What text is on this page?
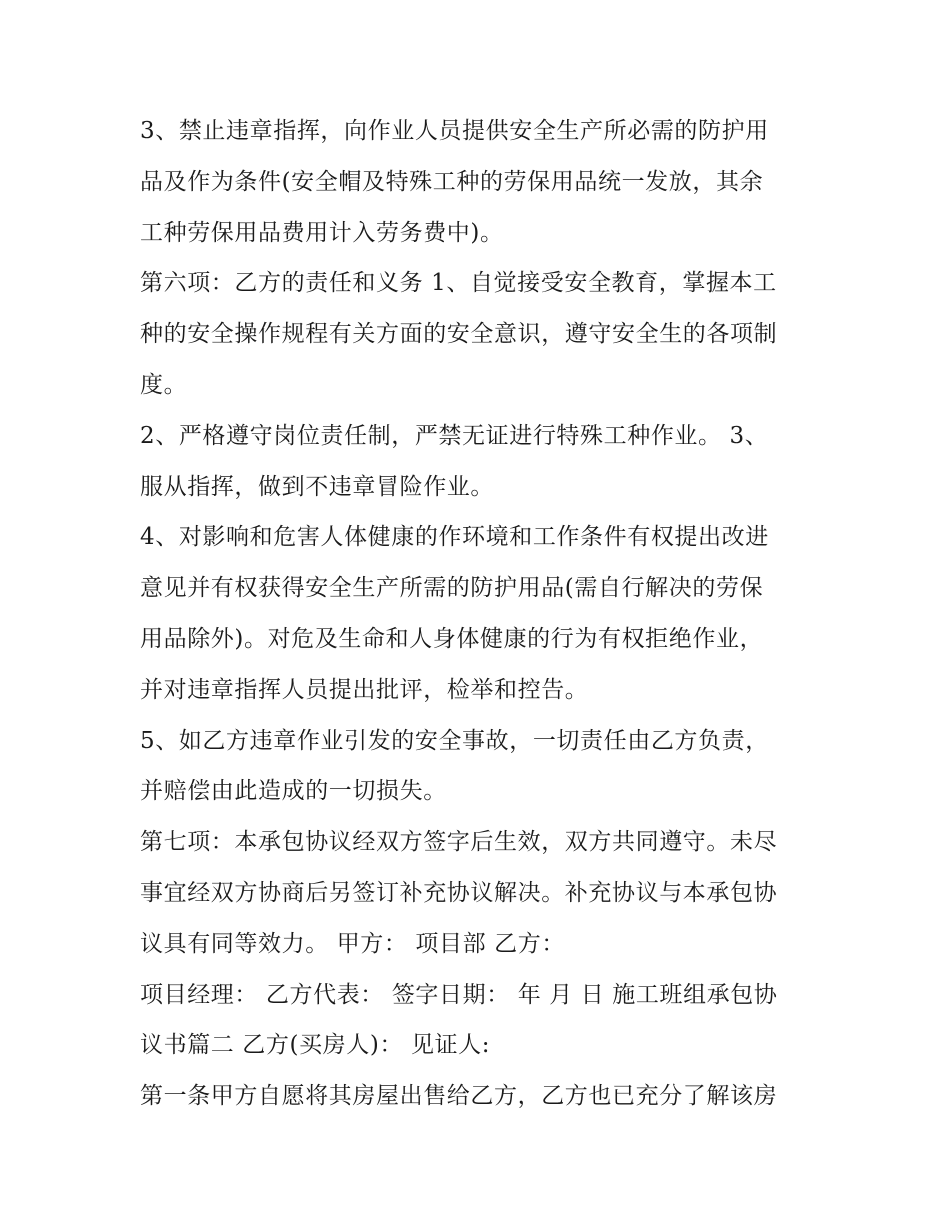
3、禁止违章指挥，向作业人员提供安全生产所必需的防护用
品及作为条件(安全帽及特殊工种的劳保用品统一发放，其余
工种劳保用品费用计入劳务费中)。

第六项：乙方的责任和义务 1、自觉接受安全教育，掌握本工
种的安全操作规程有关方面的安全意识，遵守安全生的各项制
度。

2、严格遵守岗位责任制，严禁无证进行特殊工种作业。 3、
服从指挥，做到不违章冒险作业。

4、对影响和危害人体健康的作环境和工作条件有权提出改进
意见并有权获得安全生产所需的防护用品(需自行解决的劳保
用品除外)。对危及生命和人身体健康的行为有权拒绝作业，
并对违章指挥人员提出批评，检举和控告。

5、如乙方违章作业引发的安全事故，一切责任由乙方负责，
并赔偿由此造成的一切损失。

第七项：本承包协议经双方签字后生效，双方共同遵守。未尽
事宜经双方协商后另签订补充协议解决。补充协议与本承包协
议具有同等效力。 甲方： 项目部 乙方：

项目经理： 乙方代表： 签字日期： 年 月 日 施工班组承包协
议书篇二 乙方(买房人)： 见证人:

第一条甲方自愿将其房屋出售给乙方，乙方也已充分了解该房
